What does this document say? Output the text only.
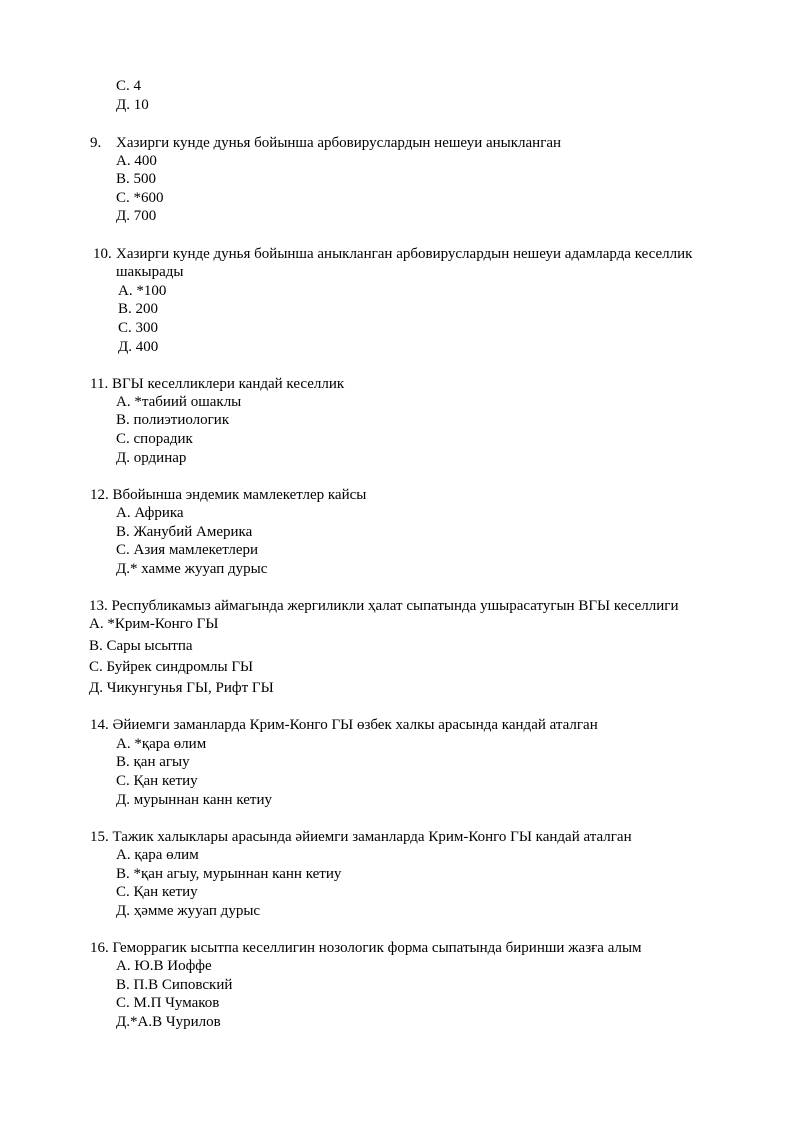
С. 4
Д. 10
9. Хазирги кунде дунья бойынша арбовируслардын нешеуи аныкланган
А. 400
В. 500
С. *600
Д. 700
10. Хазирги кунде дунья бойынша аныкланган арбовируслардын нешеуи адамларда кеселлик
шакырады
А. *100
В. 200
С. 300
Д. 400
11. ВГЫ кеселликлери кандай кеселлик
А. *табиий ошаклы
В. полиэтиологик
С. спорадик
Д. ординар
12. Вбойынша эндемик мамлекетлер кайсы
А. Африка
В. Жанубий Америка
С. Азия мамлекетлери
Д.* хамме жууап дурыс
13. Республикамыз аймагында жергиликли ҳалат сыпатында ушырасатугын ВГЫ кеселлиги
А. *Крим-Конго ГЫ
В. Сары ысытпа
С. Буйрек синдромлы ГЫ
Д. Чикунгунья ГЫ, Рифт ГЫ
14. Әйиемги заманларда Крим-Конго ГЫ өзбек халкы арасында кандай аталган
А. *қара өлим
В. қан агыу
С. Қан кетиу
Д. мурыннан канн кетиу
15. Тажик халыклары арасында әйиемги заманларда Крим-Конго ГЫ кандай аталган
А. қара өлим
В. *қан агыу, мурыннан канн кетиу
С. Қан кетиу
Д. ҳәмме жууап дурыс
16. Геморрагик ысытпа кеселлигин нозологик форма сыпатында биринши жазға алым
А. Ю.В Иоффе
В. П.В Сиповский
С. М.П Чумаков
Д.*А.В Чурилов
